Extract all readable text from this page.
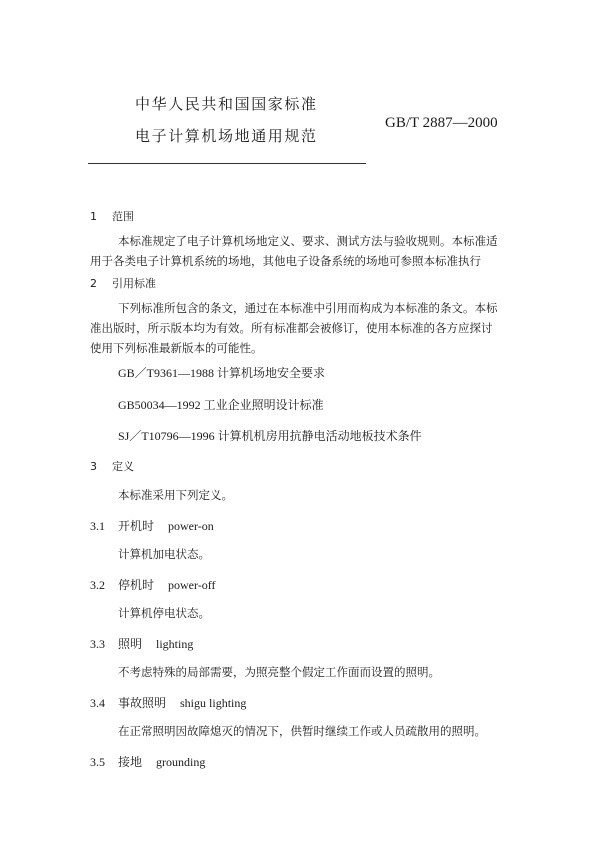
中华人民共和国国家标准
电子计算机场地通用规范
GB/T 2887—2000
1 范围
本标准规定了电子计算机场地定义、要求、测试方法与验收规则。本标准适
用于各类电子计算机系统的场地，其他电子设备系统的场地可参照本标准执行
2 引用标准
下列标准所包含的条文，通过在本标准中引用而构成为本标准的条文。本标
准出版时，所示版本均为有效。所有标准都会被修订，使用本标准的各方应探讨
使用下列标准最新版本的可能性。
GB／T9361—1988 计算机场地安全要求
GB50034—1992 工业企业照明设计标准
SJ／T10796—1996 计算机机房用抗静电活动地板技术条件
3 定义
本标准采用下列定义。
3.1 开机时 power-on
计算机加电状态。
3.2 停机时 power-off
计算机停电状态。
3.3 照明 lighting
不考虑特殊的局部需要，为照亮整个假定工作面而设置的照明。
3.4 事故照明 shigu lighting
在正常照明因故障熄灭的情况下，供暂时继续工作或人员疏散用的照明。
3.5 接地 grounding
